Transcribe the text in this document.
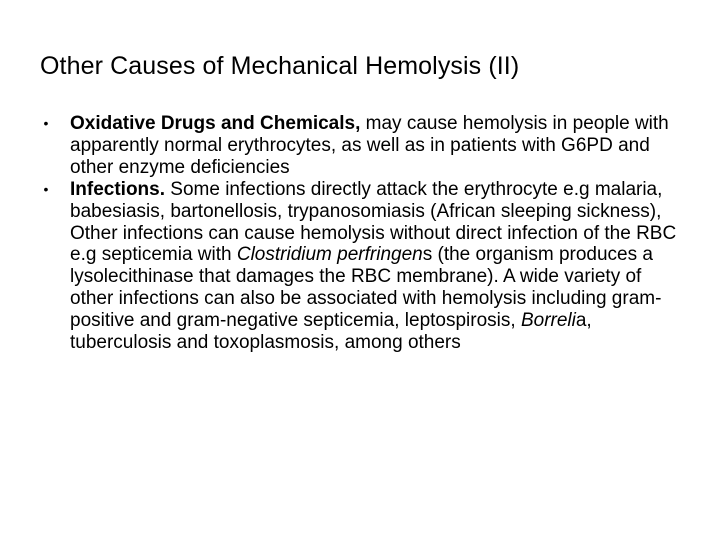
Other Causes of Mechanical Hemolysis (II)
•	Oxidative Drugs and Chemicals, may cause hemolysis in people with apparently normal erythrocytes, as well as in patients with G6PD and other enzyme deficiencies
•	Infections. Some infections directly attack the erythrocyte e.g malaria, babesiasis, bartonellosis, trypanosomiasis (African sleeping sickness), Other infections can cause hemolysis without direct infection of the RBC e.g septicemia with Clostridium perfringens (the organism produces a lysolecithinase that damages the RBC membrane). A wide variety of other infections can also be associated with hemolysis including gram-positive and gram-negative septicemia, leptospirosis, Borrelia, tuberculosis and toxoplasmosis, among others
